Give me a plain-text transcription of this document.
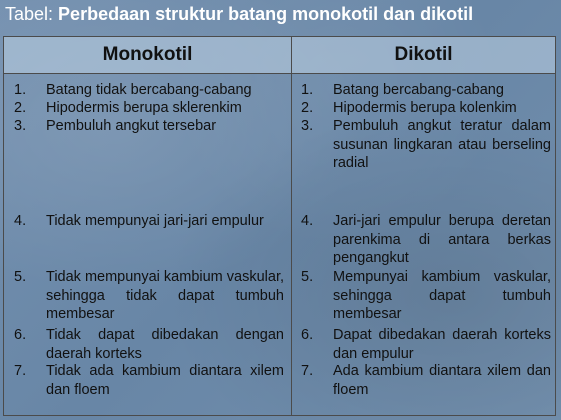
Tabel: Perbedaan struktur batang monokotil dan dikotil
Monokotil	Dikotil
1. Batang tidak bercabang-cabang
2. Hipodermis berupa sklerenkim
3. Pembuluh angkut tersebar
4. Tidak mempunyai jari-jari empulur
5. Tidak mempunyai kambium vaskular, sehingga tidak dapat tumbuh membesar
6. Tidak dapat dibedakan dengan daerah korteks
7. Tidak ada kambium diantara xilem dan floem
1. Batang bercabang-cabang
2. Hipodermis berupa kolenkim
3. Pembuluh angkut teratur dalam susunan lingkaran atau berseling radial
4. Jari-jari empulur berupa deretan parenkima di antara berkas pengangkut
5. Mempunyai kambium vaskular, sehingga dapat tumbuh membesar
6. Dapat dibedakan daerah korteks dan empulur
7. Ada kambium diantara xilem dan floem
